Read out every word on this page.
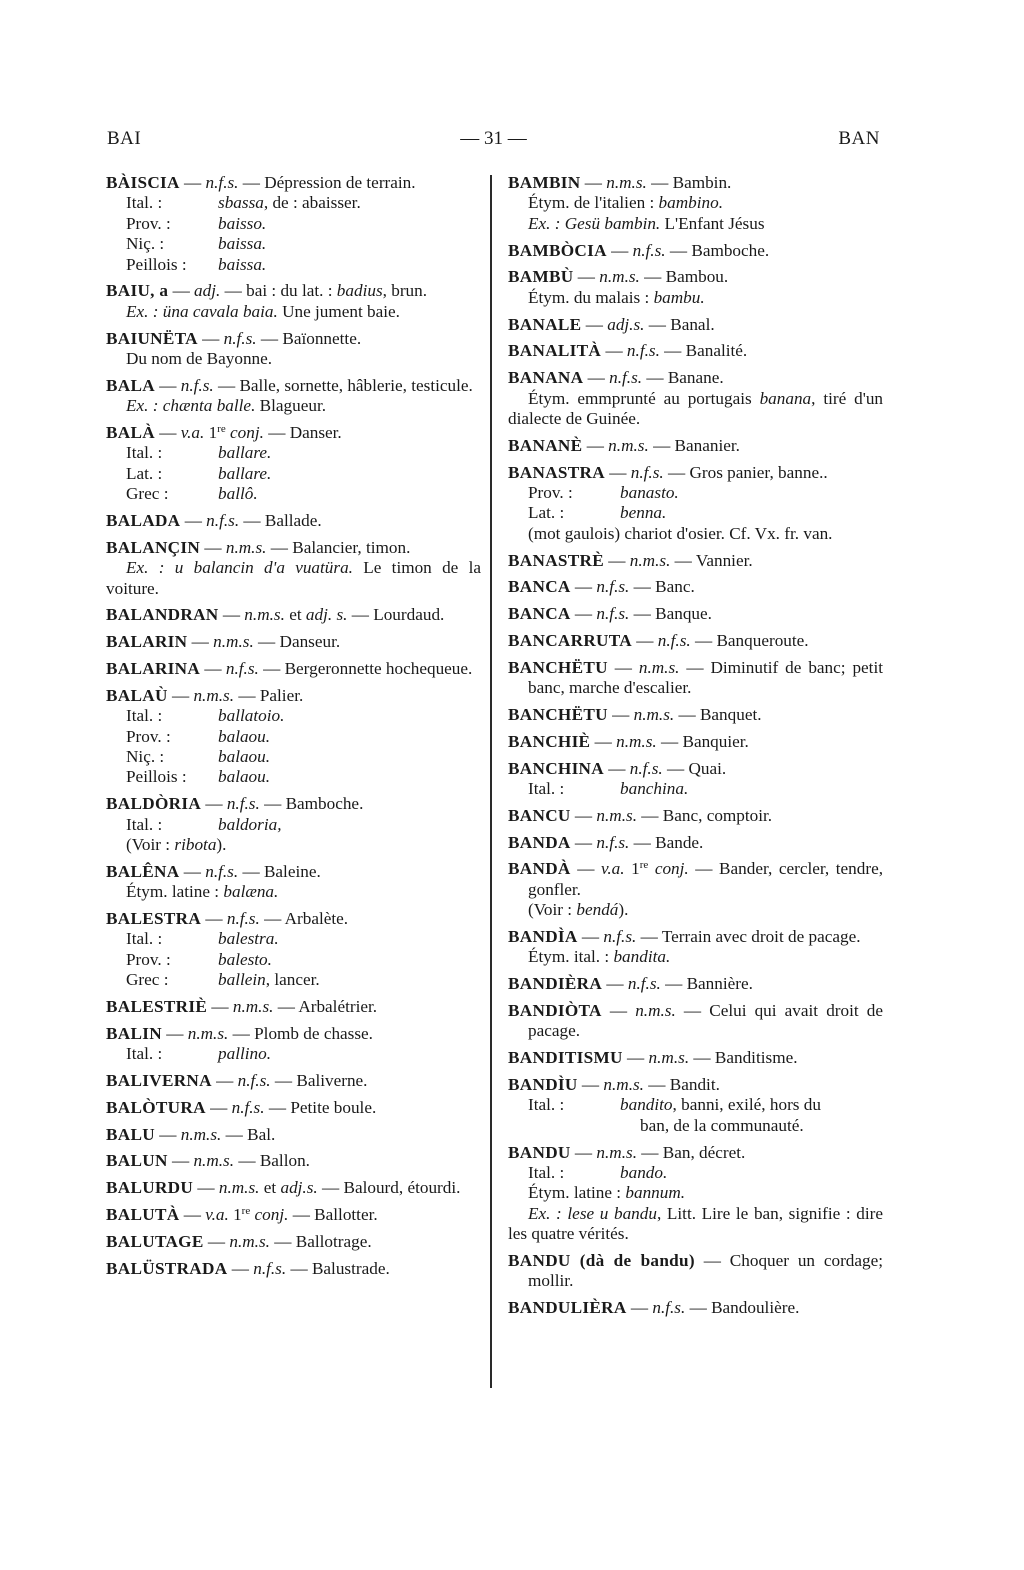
BAI	— 31 —	BAN

BÀISCIA — n.f.s. — Dépression de terrain.

Ital. :	sbassa, de : abaisser.
Prov. :	baisso.
Niç. :	baissa.
Peillois :	baissa.

BAIU, a — adj. — bai : du lat. : badius, brun.

Ex. : üna cavala baia. Une jument baie.

BAIUNËTA — n.f.s. — Baïonnette.

Du nom de Bayonne.

BALA — n.f.s. — Balle, sornette, hâblerie, testicule.

Ex. : chænta balle. Blagueur.

BALÀ — v.a. 1re conj. — Danser.

Ital. :	ballare.
Lat. :	ballare.
Grec :	ballô.

BALADA — n.f.s. — Ballade.

BALANÇIN — n.m.s. — Balancier, timon.

Ex. : u balancin d'a vuatüra. Le timon de la voiture.

BALANDRAN — n.m.s. et adj. s. — Lourdaud.

BALARIN — n.m.s. — Danseur.

BALARINA — n.f.s. — Bergeronnette hochequeue.

BALAÙ — n.m.s. — Palier.

Ital. :	ballatoio.
Prov. :	balaou.
Niç. :	balaou.
Peillois :	balaou.

BALDÒRIA — n.f.s. — Bamboche.

Ital. :	baldoria,

(Voir : ribota).

BALÊNA — n.f.s. — Baleine.

Étym. latine : balæna.

BALESTRA — n.f.s. — Arbalète.

Ital. :	balestra.
Prov. :	balesto.
Grec :	ballein, lancer.

BALESTRIÈ — n.m.s. — Arbalétrier.

BALIN — n.m.s. — Plomb de chasse.

Ital. :	pallino.

BALIVERNA — n.f.s. — Baliverne.

BALÒTURA — n.f.s. — Petite boule.

BALU — n.m.s. — Bal.

BALUN — n.m.s. — Ballon.

BALURDU — n.m.s. et adj.s. — Balourd, étourdi.

BALUTÀ — v.a. 1re conj. — Ballotter.

BALUTAGE — n.m.s. — Ballotrage.

BALÜSTRADA — n.f.s. — Balustrade.

BAMBIN — n.m.s. — Bambin.

Étym. de l'italien : bambino.

Ex. : Gesü bambin. L'Enfant Jésus

BAMBÒCIA — n.f.s. — Bamboche.

BAMBÙ — n.m.s. — Bambou.

Étym. du malais : bambu.

BANALE — adj.s. — Banal.

BANALITÀ — n.f.s. — Banalité.

BANANA — n.f.s. — Banane.

Étym. emmprunté au portugais banana, tiré d'un dialecte de Guinée.

BANANÈ — n.m.s. — Bananier.

BANASTRA — n.f.s. — Gros panier, banne..

Prov. :	banasto.
Lat. :	benna.

(mot gaulois) chariot d'osier. Cf. Vx. fr. van.

BANASTRÈ — n.m.s. — Vannier.

BANCA — n.f.s. — Banc.

BANCA — n.f.s. — Banque.

BANCARRUTA — n.f.s. — Banqueroute.

BANCHËTU — n.m.s. — Diminutif de banc; petit banc, marche d'escalier.

BANCHËTU — n.m.s. — Banquet.

BANCHIÈ — n.m.s. — Banquier.

BANCHINA — n.f.s. — Quai.

Ital. :	banchina.

BANCU — n.m.s. — Banc, comptoir.

BANDA — n.f.s. — Bande.

BANDÀ — v.a. 1re conj. — Bander, cercler, tendre, gonfler.

(Voir : bendá).

BANDÌA — n.f.s. — Terrain avec droit de pacage.

Étym. ital. : bandita.

BANDIÈRA — n.f.s. — Bannière.

BANDIÒTA — n.m.s. — Celui qui avait droit de pacage.

BANDITISMU — n.m.s. — Banditisme.

BANDÌU — n.m.s. — Bandit.

Ital. :	bandito, banni, exilé, hors du

ban, de la communauté.

BANDU — n.m.s. — Ban, décret.

Ital. :	bando.

Étym. latine : bannum.

Ex. : lese u bandu, Litt. Lire le ban, signifie : dire les quatre vérités.

BANDU (dà de bandu) — Choquer un cordage; mollir.

BANDULIÈRA — n.f.s. — Bandoulière.
